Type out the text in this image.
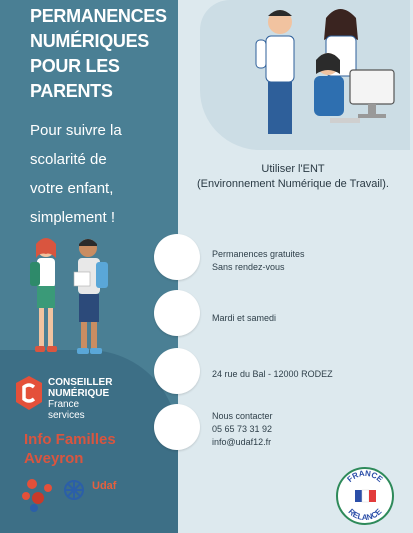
PERMANENCES
NUMÉRIQUES
POUR LES
PARENTS
Pour suivre la
scolarité de
votre enfant,
simplement !
CONSEILLER
NUMÉRIQUE
France
services
Info Familles
Aveyron
Udaf
Utiliser l'ENT
(Environnement Numérique de Travail).
Permanences gratuites
Sans rendez-vous
Mardi et samedi
24 rue du Bal - 12000 RODEZ
Nous contacter
05 65 73 31 92
info@udaf12.fr
FRANCE
RELANCE
